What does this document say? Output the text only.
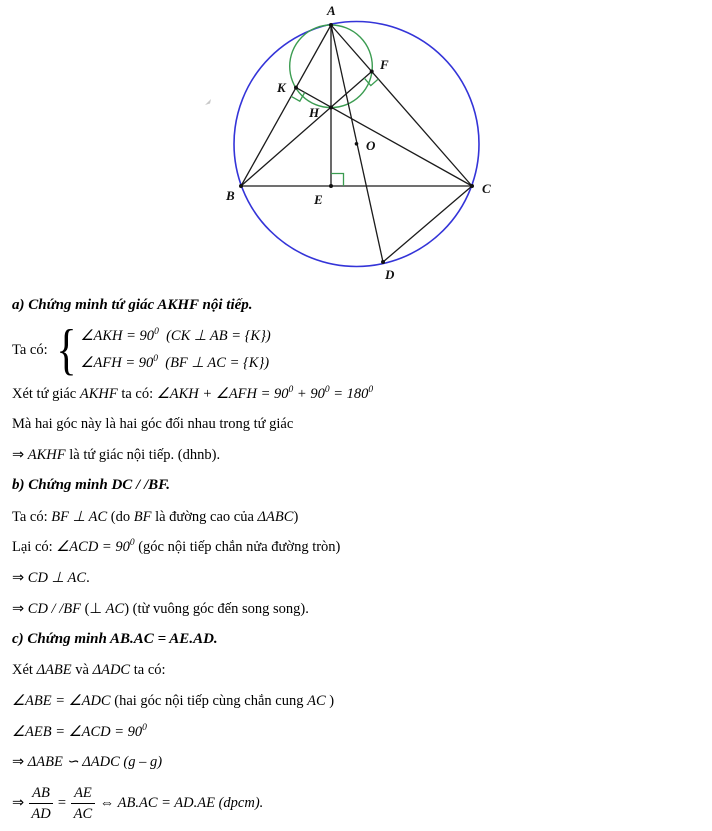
A
B	C
D
E
F
H
K
O

a) Chứng minh tứ giác AKHF nội tiếp.

Ta có: { ∠AKH = $90^0$ (CK ⊥ AB = {K})
∠AFH = $90^0$ (BF ⊥ AC = {K})

Xét tứ giác AKHF ta có: ∠AKH + ∠AFH = $90^0 + 90^0 = 180^0$

Mà hai góc này là hai góc đối nhau trong tứ giác

⇒ AKHF là tứ giác nội tiếp. (dhnb).

b) Chứng minh DC / /BF.

Ta có: BF ⊥ AC (do BF là đường cao của ΔABC)

Lại có: ∠ACD = $90^0$ (góc nội tiếp chắn nửa đường tròn)

⇒ CD ⊥ AC.

⇒ CD / /BF (⊥ AC) (từ vuông góc đến song song).

c) Chứng minh AB.AC = AE.AD.

Xét ΔABE và ΔADC ta có:

∠ABE = ∠ADC (hai góc nội tiếp cùng chắn cung AC )

∠AEB = ∠ACD = $90^0$

⇒ ΔABE ∽ ΔADC (g – g)

⇒ $\frac{AB}{AD} = \frac{AE}{AC}$ ⇔ AB.AC = AD.AE (dpcm).
